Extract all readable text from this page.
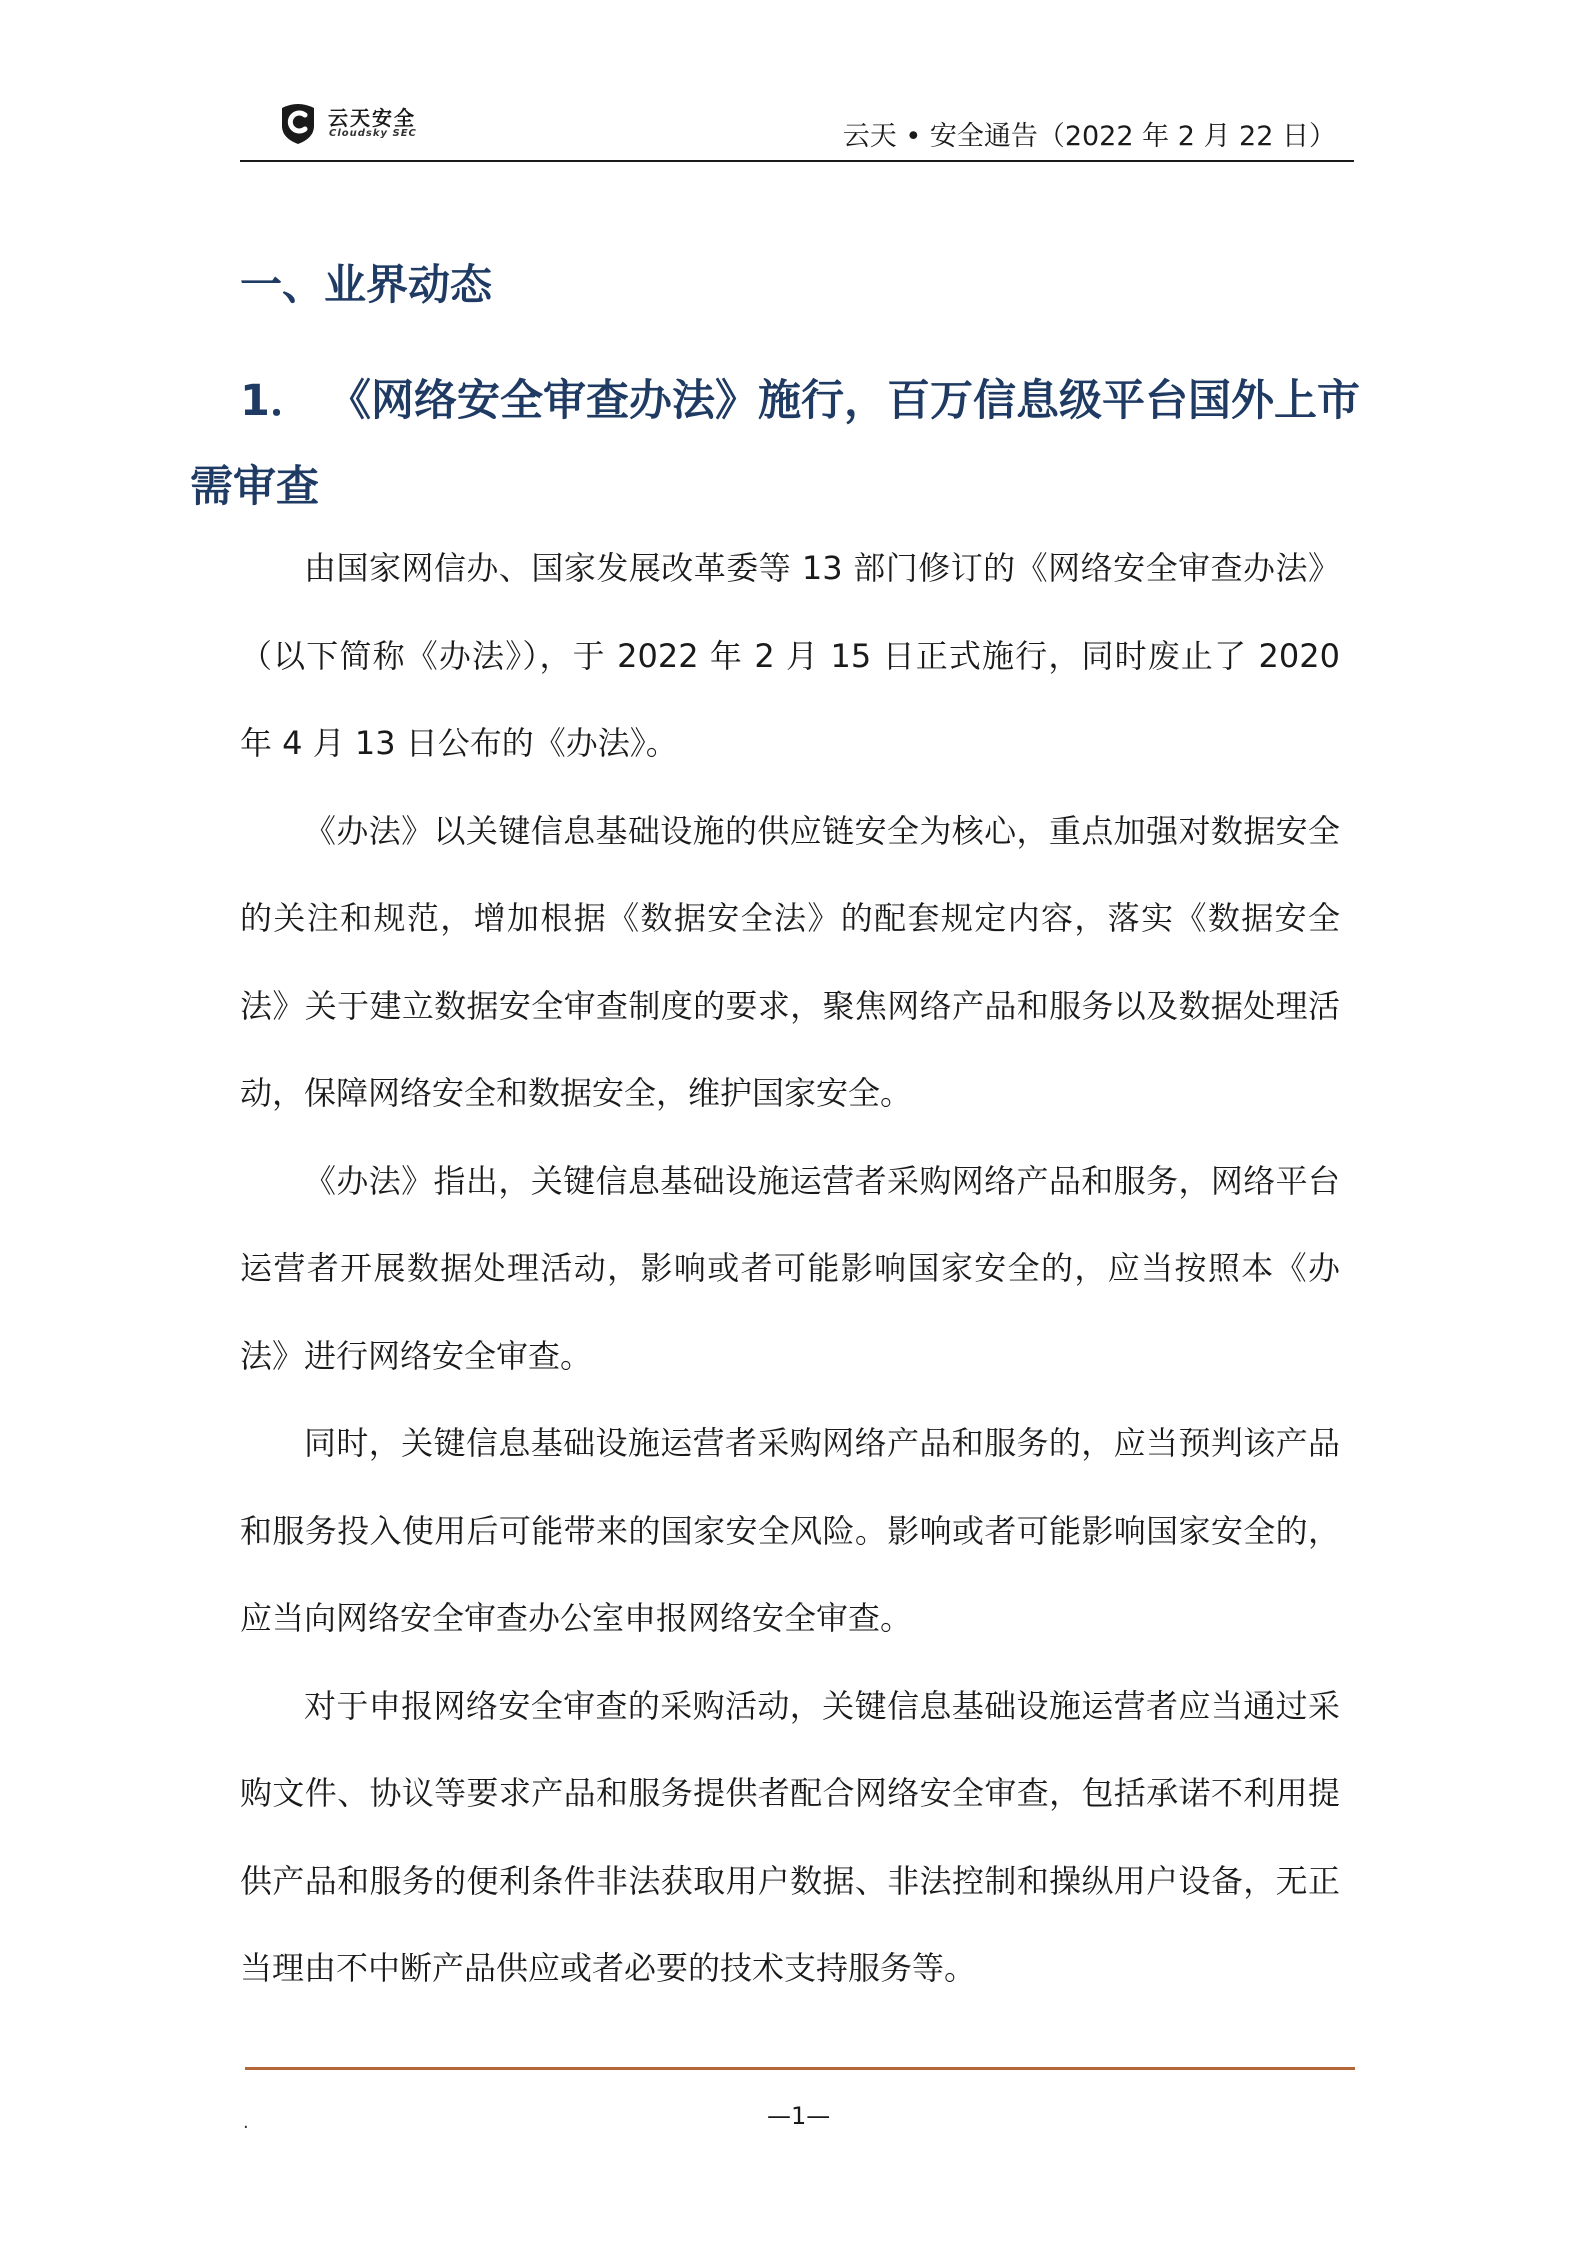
云天安全
Cloudsky SEC	云天 • 安全通告（2022 年 2 月 22 日）
一、业界动态
1． 《网络安全审查办法》施行，百万信息级平台国外上市需审查

由国家网信办、国家发展改革委等 13 部门修订的《网络安全审查办法》（以下简称《办法》），于 2022 年 2 月 15 日正式施行，同时废止了 2020 年 4 月 13 日公布的《办法》。

《办法》以关键信息基础设施的供应链安全为核心，重点加强对数据安全的关注和规范，增加根据《数据安全法》的配套规定内容，落实《数据安全法》关于建立数据安全审查制度的要求，聚焦网络产品和服务以及数据处理活动，保障网络安全和数据安全，维护国家安全。

《办法》指出，关键信息基础设施运营者采购网络产品和服务，网络平台运营者开展数据处理活动，影响或者可能影响国家安全的，应当按照本《办法》进行网络安全审查。

同时，关键信息基础设施运营者采购网络产品和服务的，应当预判该产品和服务投入使用后可能带来的国家安全风险。影响或者可能影响国家安全的，应当向网络安全审查办公室申报网络安全审查。

对于申报网络安全审查的采购活动，关键信息基础设施运营者应当通过采购文件、协议等要求产品和服务提供者配合网络安全审查，包括承诺不利用提供产品和服务的便利条件非法获取用户数据、非法控制和操纵用户设备，无正当理由不中断产品供应或者必要的技术支持服务等。

.	—1—
